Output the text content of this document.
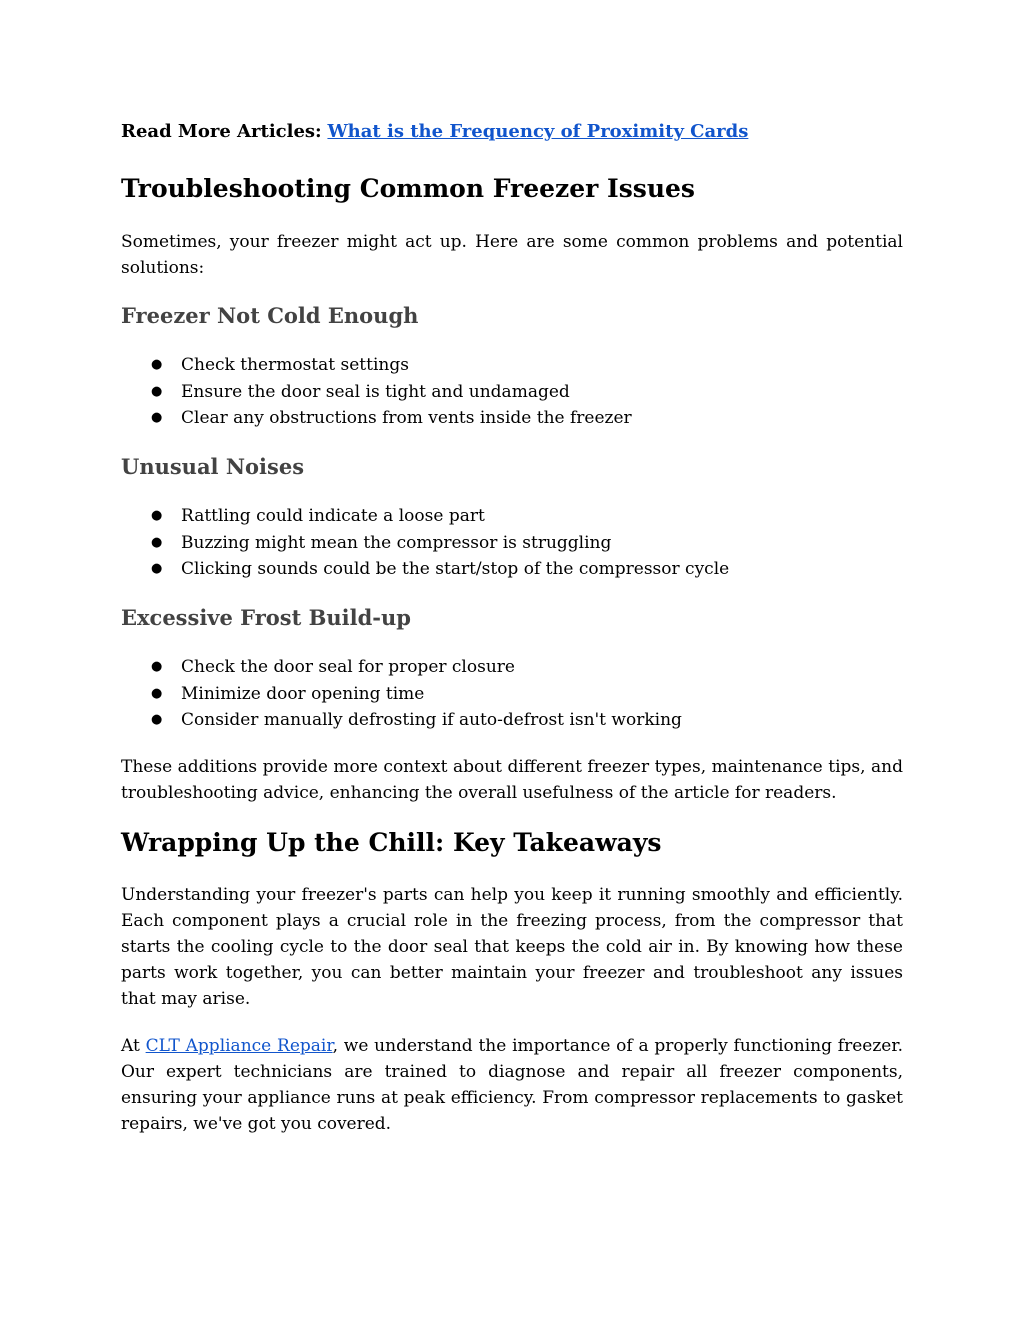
Read More Articles: What is the Frequency of Proximity Cards
Troubleshooting Common Freezer Issues

Sometimes, your freezer might act up. Here are some common problems and potential solutions:

Freezer Not Cold Enough
● Check thermostat settings
● Ensure the door seal is tight and undamaged
● Clear any obstructions from vents inside the freezer
Unusual Noises
● Rattling could indicate a loose part
● Buzzing might mean the compressor is struggling
● Clicking sounds could be the start/stop of the compressor cycle
Excessive Frost Build-up
● Check the door seal for proper closure
● Minimize door opening time
● Consider manually defrosting if auto-defrost isn't working

These additions provide more context about different freezer types, maintenance tips, and troubleshooting advice, enhancing the overall usefulness of the article for readers.

Wrapping Up the Chill: Key Takeaways

Understanding your freezer's parts can help you keep it running smoothly and efficiently. Each component plays a crucial role in the freezing process, from the compressor that starts the cooling cycle to the door seal that keeps the cold air in. By knowing how these parts work together, you can better maintain your freezer and troubleshoot any issues that may arise.

At CLT Appliance Repair, we understand the importance of a properly functioning freezer. Our expert technicians are trained to diagnose and repair all freezer components, ensuring your appliance runs at peak efficiency. From compressor replacements to gasket repairs, we've got you covered.
